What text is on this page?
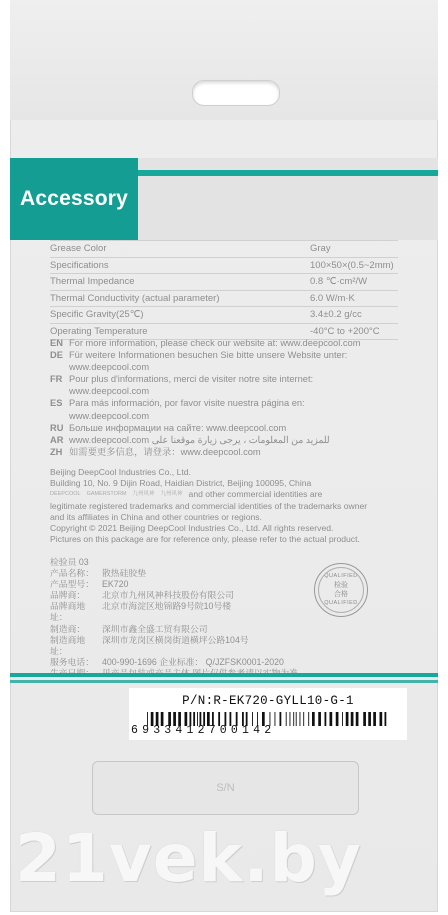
Accessory
Grease Color	Gray
Specifications	100×50×(0.5~2mm)
Thermal Impedance	0.8 ℃·cm²/W
Thermal Conductivity (actual parameter)	6.0 W/m·K
Specific Gravity(25℃)	3.4±0.2 g/cc
Operating Temperature	-40°C to +200°C
EN For more information, please check our website at: www.deepcool.com
DE Für weitere Informationen besuchen Sie bitte unsere Website unter:
www.deepcool.com
FR Pour plus d'informations, merci de visiter notre site internet:
www.deepcool.com
ES Para más información, por favor visite nuestra página en:
www.deepcool.com
RU Больше информации на сайте: www.deepcool.com
AR www.deepcool.com للمزيد من المعلومات ، يرجى زيارة موقعنا على
ZH 如需要更多信息，请登录：www.deepcool.com
Beijing DeepCool Industries Co., Ltd.
Building 10, No. 9 Dijin Road, Haidian District, Beijing 100095, China
DEEPCOOL GAMERSTORM 九州风神 九州风神 and other commercial identities are
legitimate registered trademarks and commercial identities of the trademarks owner
and its affiliates in China and other countries or regions.
Copyright © 2021 Beijing DeepCool Industries Co., Ltd. All rights reserved.
Pictures on this package are for reference only, please refer to the actual product.
检验员 03
产品名称： 散热硅胶垫
产品型号： EK720
品牌商：	北京市九州风神科技股份有限公司
品牌商地址：
北京市海淀区地锦路9号院10号楼
制造商：	深圳市鑫全盛工贸有限公司
制造商地址：
深圳市龙岗区横岗街道横坪公路104号
服务电话： 400-990-1696 企业标准： Q/JZFSK0001-2020
QUALIFIED
检验
合格
QUALIFIED
P/N:R-EK720-GYLL10-G-1
6933412700142
S/N
21vek.by
